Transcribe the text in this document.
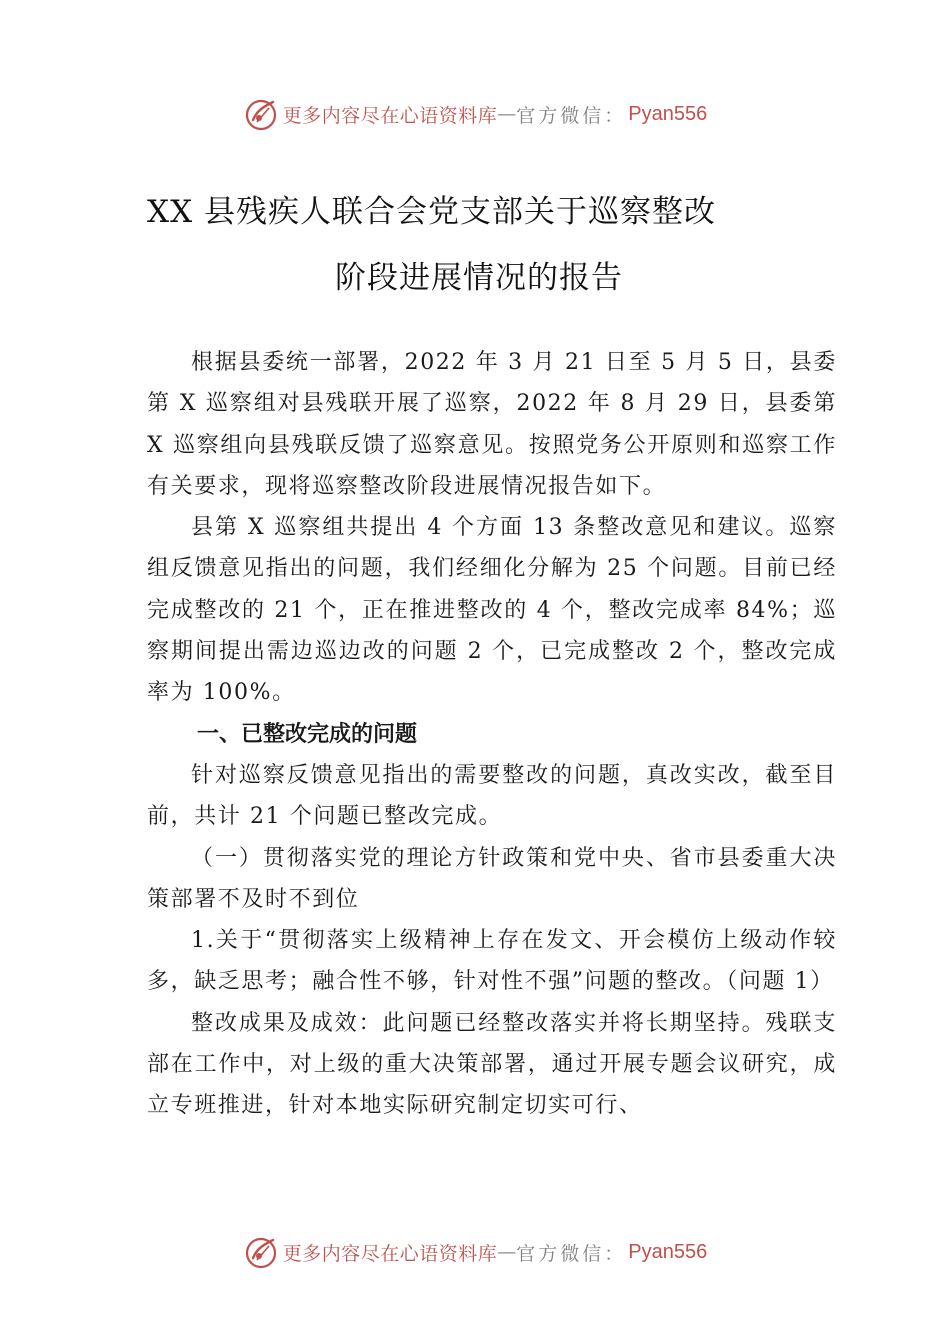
更多内容尽在心语资料库 — 官方微信： Pyan556
XX 县残疾人联合会党支部关于巡察整改
阶段进展情况的报告

根据县委统一部署，2022 年 3 月 21 日至 5 月 5 日，县委第 X 巡察组对县残联开展了巡察，2022 年 8 月 29 日，县委第 X 巡察组向县残联反馈了巡察意见。按照党务公开原则和巡察工作有关要求，现将巡察整改阶段进展情况报告如下。

县第 X 巡察组共提出 4 个方面 13 条整改意见和建议。巡察组反馈意见指出的问题，我们经细化分解为 25 个问题。目前已经完成整改的 21 个，正在推进整改的 4 个，整改完成率 84%；巡察期间提出需边巡边改的问题 2 个，已完成整改 2 个，整改完成率为 100%。

一、已整改完成的问题

针对巡察反馈意见指出的需要整改的问题，真改实改，截至目前，共计 21 个问题已整改完成。

（一）贯彻落实党的理论方针政策和党中央、省市县委重大决策部署不及时不到位

1.关于“贯彻落实上级精神上存在发文、开会模仿上级动作较多，缺乏思考；融合性不够，针对性不强”问题的整改。（问题 1）

整改成果及成效：此问题已经整改落实并将长期坚持。残联支部在工作中，对上级的重大决策部署，通过开展专题会议研究，成立专班推进，针对本地实际研究制定切实可行、

更多内容尽在心语资料库 — 官方微信： Pyan556
